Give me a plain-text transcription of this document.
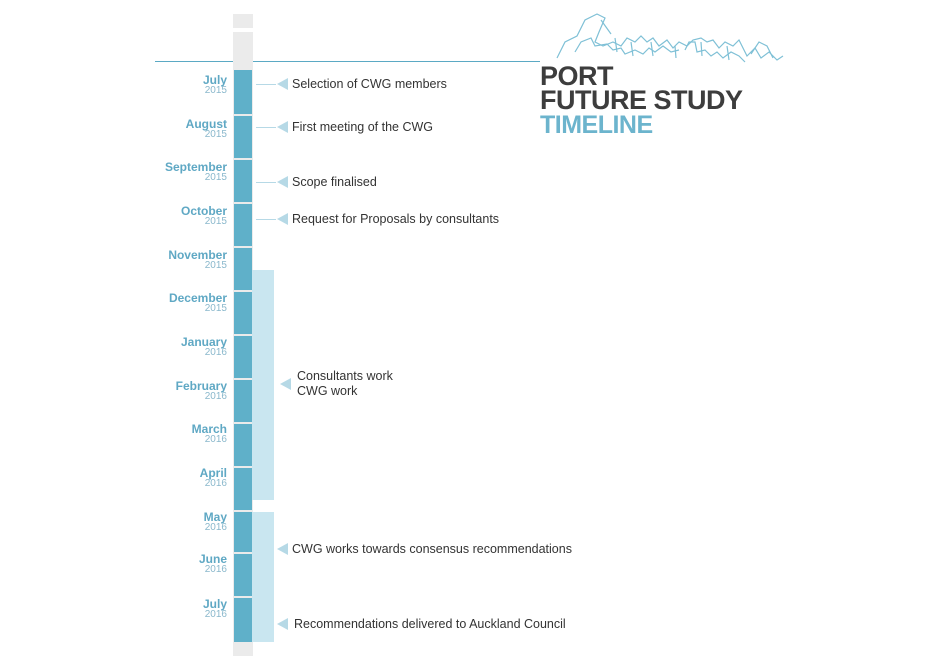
PORT
FUTURE STUDY
TIMELINE
July
2015
August
2015
September
2015
October
2015
November
2015
December
2015
January
2016
February
2016
March
2016
April
2016
May
2016
June
2016
July
2016
Selection of CWG members
First meeting of the CWG
Scope finalised
Request for Proposals by consultants
Consultants work
CWG work
CWG works towards consensus recommendations
Recommendations delivered to Auckland Council
